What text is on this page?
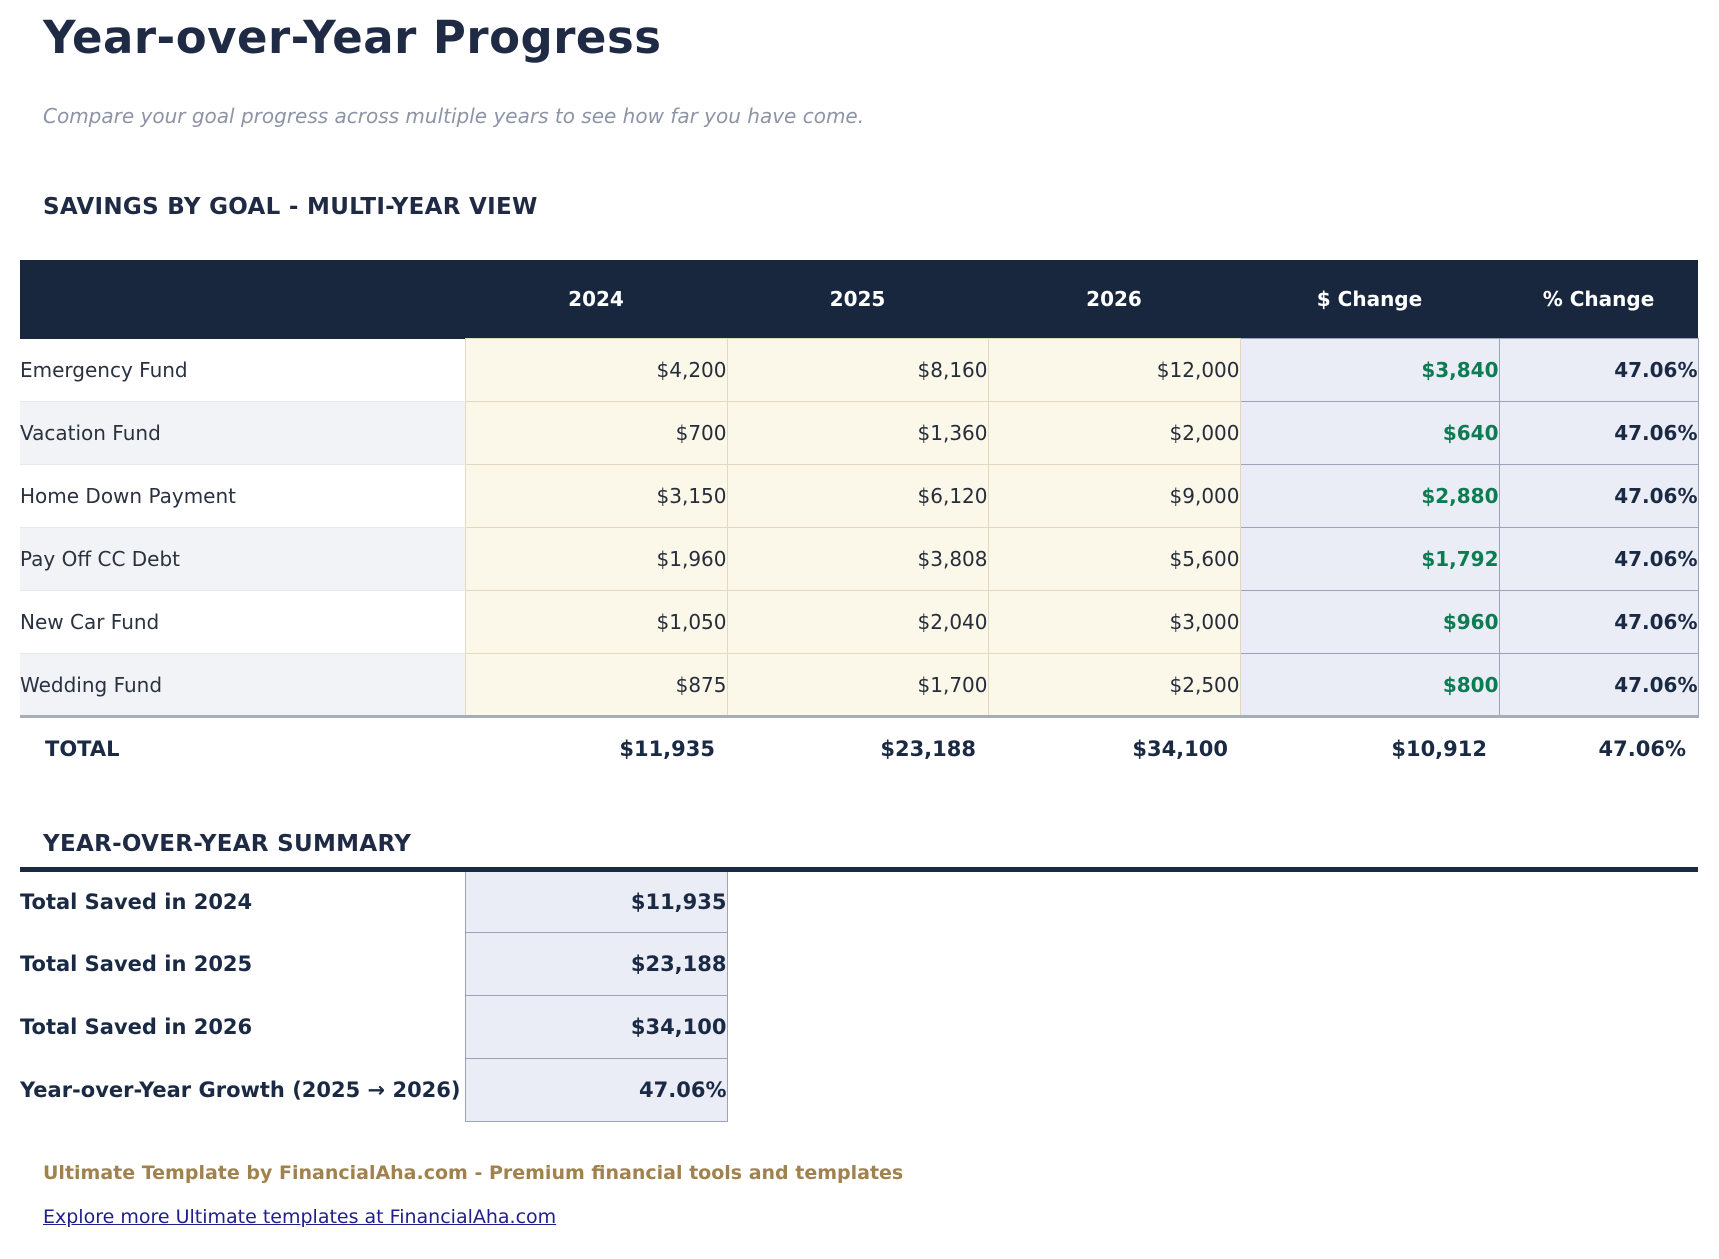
Year-over-Year Progress

Compare your goal progress across multiple years to see how far you have come.

SAVINGS BY GOAL - MULTI-YEAR VIEW
	2024	2025	2026	$ Change	% Change
Emergency Fund	$4,200	$8,160	$12,000	$3,840	47.06%
Vacation Fund	$700	$1,360	$2,000	$640	47.06%
Home Down Payment	$3,150	$6,120	$9,000	$2,880	47.06%
Pay Off CC Debt	$1,960	$3,808	$5,600	$1,792	47.06%
New Car Fund	$1,050	$2,040	$3,000	$960	47.06%
Wedding Fund	$875	$1,700	$2,500	$800	47.06%
TOTAL	$11,935	$23,188	$34,100	$10,912	47.06%
YEAR-OVER-YEAR SUMMARY
Total Saved in 2024	$11,935	
Total Saved in 2025	$23,188	
Total Saved in 2026	$34,100	
Year-over-Year Growth (2025 → 2026)	47.06%	

Ultimate Template by FinancialAha.com - Premium financial tools and templates

Explore more Ultimate templates at FinancialAha.com
